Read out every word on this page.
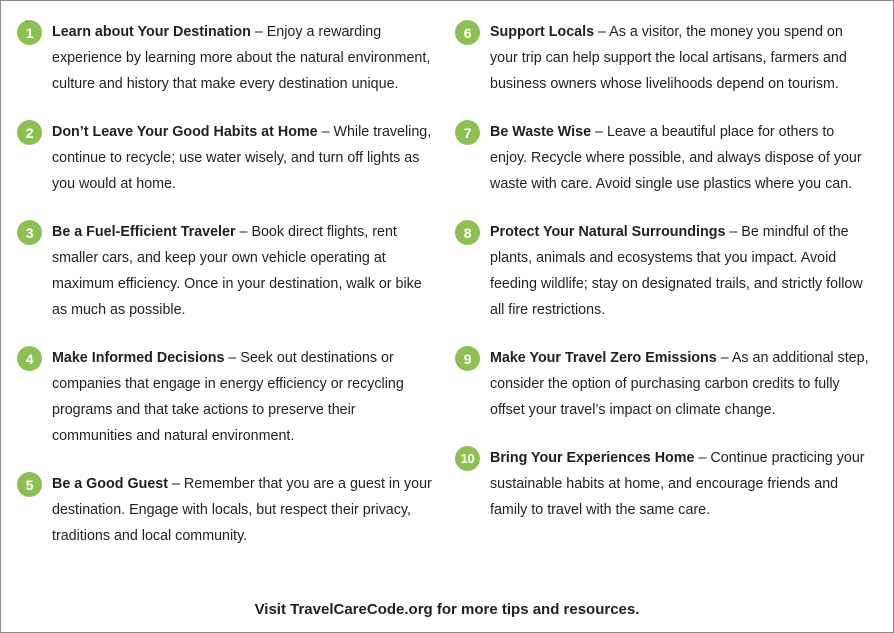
.
1	Learn about Your Destination – Enjoy a rewarding experience by learning more about the natural environment, culture and history that make every destination unique.
2	Don’t Leave Your Good Habits at Home – While traveling, continue to recycle; use water wisely, and turn off lights as you would at home.
3	Be a Fuel-Efficient Traveler – Book direct flights, rent smaller cars, and keep your own vehicle operating at maximum efficiency. Once in your destination, walk or bike as much as possible.
4	Make Informed Decisions – Seek out destinations or companies that engage in energy efficiency or recycling programs and that take actions to preserve their communities and natural environment.
5	Be a Good Guest – Remember that you are a guest in your destination. Engage with locals, but respect their privacy, traditions and local community.
6	Support Locals – As a visitor, the money you spend on your trip can help support the local artisans, farmers and business owners whose livelihoods depend on tourism.
7	Be Waste Wise – Leave a beautiful place for others to enjoy. Recycle where possible, and always dispose of your waste with care. Avoid single use plastics where you can.
8	Protect Your Natural Surroundings – Be mindful of the plants, animals and ecosystems that you impact. Avoid feeding wildlife; stay on designated trails, and strictly follow all fire restrictions.
9	Make Your Travel Zero Emissions – As an additional step, consider the option of purchasing carbon credits to fully offset your travel’s impact on climate change.
10	Bring Your Experiences Home – Continue practicing your sustainable habits at home, and encourage friends and family to travel with the same care.
Visit TravelCareCode.org for more tips and resources.
